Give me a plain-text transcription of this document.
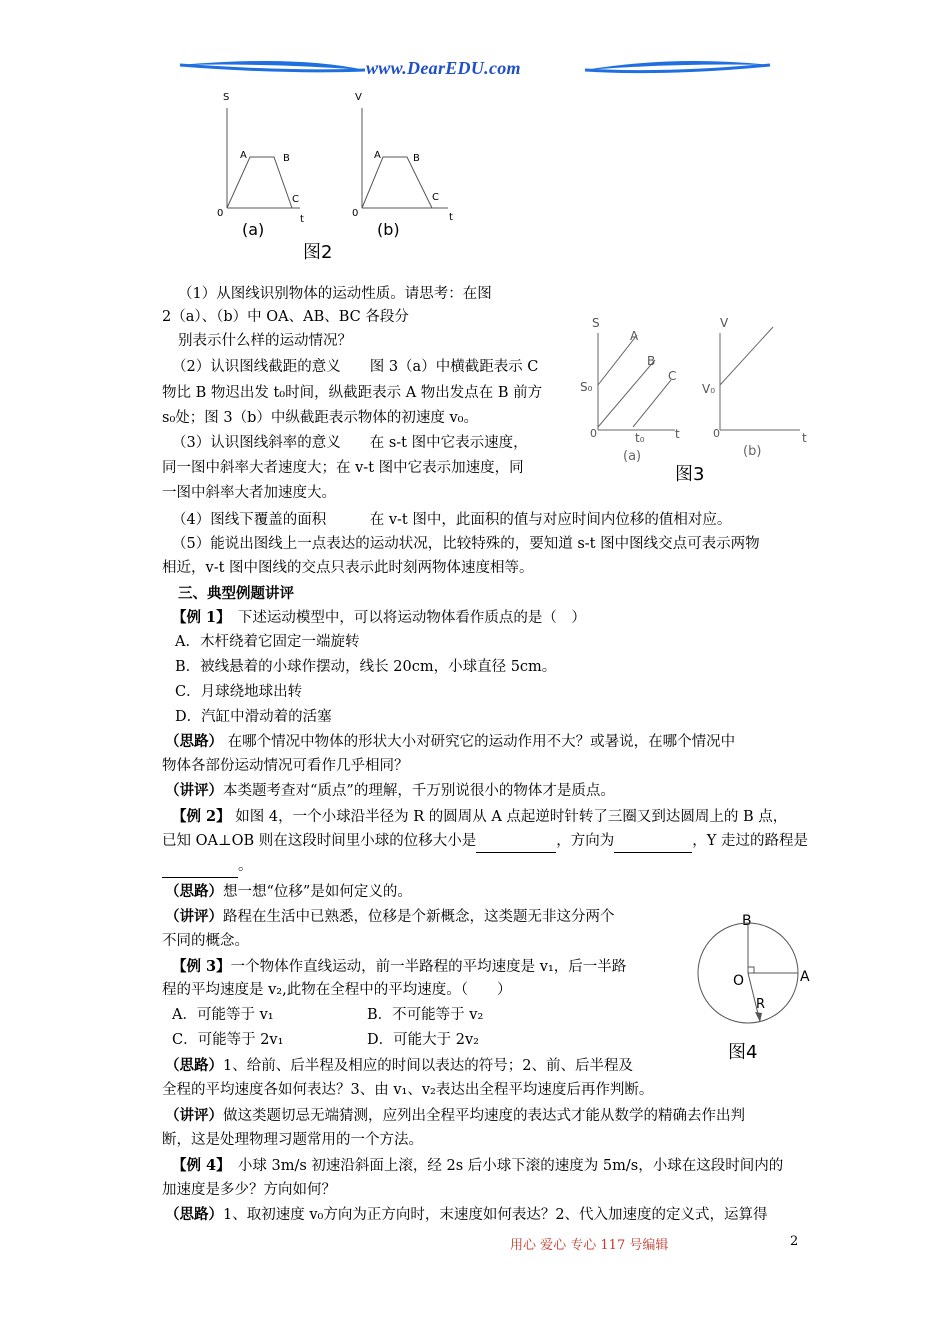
www.DearEDU.com
S
A	B
C
0
t
(a)
V
A	B
C
0	t
(b)
图2
S
A
B
C
S₀
0	t₀	t
(a)
V
V₀
0	t
(b)
图3
B
O	A
R
图4
（1）从图线识别物体的运动性质。请思考：在图
2（a）、（b）中 OA、AB、BC 各段分
别表示什么样的运动情况？
（2）认识图线截距的意义　　图 3（a）中横截距表示 C
物比 B 物迟出发 t₀时间，纵截距表示 A 物出发点在 B 前方
s₀处；图 3（b）中纵截距表示物体的初速度 v₀。
（3）认识图线斜率的意义　　在 s-t 图中它表示速度，
同一图中斜率大者速度大；在 v-t 图中它表示加速度，同
一图中斜率大者加速度大。
（4）图线下覆盖的面积　　　在 v-t 图中，此面积的值与对应时间内位移的值相对应。
（5）能说出图线上一点表达的运动状况，比较特殊的，要知道 s-t 图中图线交点可表示两物
相近，v-t 图中图线的交点只表示此时刻两物体速度相等。
三、典型例题讲评
【例 1】　下述运动模型中，可以将运动物体看作质点的是（　）
A．木杆绕着它固定一端旋转
B．被线悬着的小球作摆动，线长 20cm，小球直径 5cm。
C．月球绕地球出转
D．汽缸中滑动着的活塞
（思路） 在哪个情况中物体的形状大小对研究它的运动作用不大？或暑说，在哪个情况中
物体各部份运动情况可看作几乎相同？
（讲评）本类题考查对“质点”的理解，千万别说很小的物体才是质点。
【例 2】 如图 4，一个小球沿半径为 R 的圆周从 A 点起逆时针转了三圈又到达圆周上的 B 点，
已知 OA⊥OB 则在这段时间里小球的位移大小是	，方向为	，Y 走过的路程是
。
（思路）想一想“位移”是如何定义的。
（讲评）路程在生活中已熟悉，位移是个新概念，这类题无非这分两个
不同的概念。
【例 3】一个物体作直线运动，前一半路程的平均速度是 v₁，后一半路
程的平均速度是 v₂,此物在全程中的平均速度。（　　）
A．可能等于 v₁	B．不可能等于 v₂
C．可能等于 2v₁	D．可能大于 2v₂
（思路）1、给前、后半程及相应的时间以表达的符号；2、前、后半程及
全程的平均速度各如何表达？3、由 v₁、v₂表达出全程平均速度后再作判断。
（讲评）做这类题切忌无端猜测，应列出全程平均速度的表达式才能从数学的精确去作出判
断，这是处理物理习题常用的一个方法。
【例 4】　小球 3m/s 初速沿斜面上滚，经 2s 后小球下滚的速度为 5m/s，小球在这段时间内的
加速度是多少？方向如何？
（思路）1、取初速度 v₀方向为正方向时，末速度如何表达？2、代入加速度的定义式，运算得
用心 爱心 专心 117 号编辑	2
